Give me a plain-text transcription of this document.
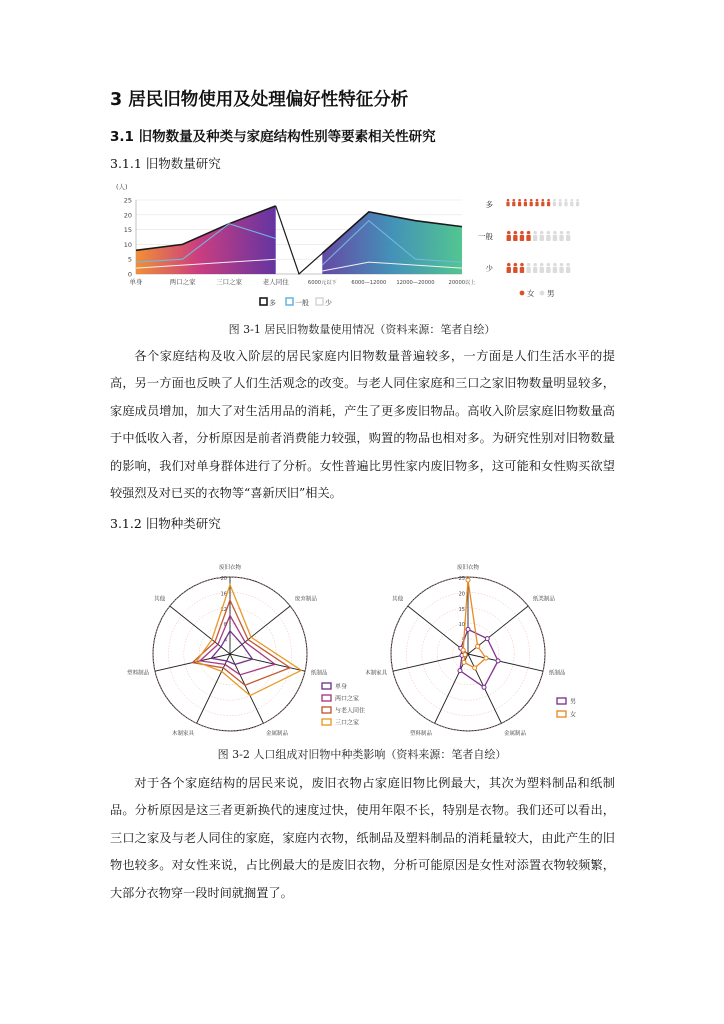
3 居民旧物使用及处理偏好性特征分析
3.1 旧物数量及种类与家庭结构性别等要素相关性研究
3.1.1 旧物数量研究
(人)
0
5
10
15
20
25
单身	两口之家	三口之家	老人同住	6000元以下	6000—12000 12000—20000	20000以上
多	一般 少
多
一般
少
女 男
图 3-1 居民旧物数量使用情况（资料来源：笔者自绘）

各个家庭结构及收入阶层的居民家庭内旧物数量普遍较多，一方面是人们生活水平的提高，另一方面也反映了人们生活观念的改变。与老人同住家庭和三口之家旧物数量明显较多，家庭成员增加，加大了对生活用品的消耗，产生了更多废旧物品。高收入阶层家庭旧物数量高于中低收入者，分析原因是前者消费能力较强，购置的物品也相对多。为研究性别对旧物数量的影响，我们对单身群体进行了分析。女性普遍比男性家内废旧物多，这可能和女性购买欲望较强烈及对已买的衣物等“喜新厌旧”相关。

3.1.2 旧物种类研究
4
8
12
16
20
废旧衣物
废弃制品
纸制品
金属制品
木制家具
塑料制品
其他
单身
两口之家
与老人同住
三口之家
5
10
15
20
25
废旧衣物
纸类制品
纸制品
金属制品
塑料制品
木制家具
其他
男
女
图 3-2 人口组成对旧物中种类影响（资料来源：笔者自绘）

对于各个家庭结构的居民来说，废旧衣物占家庭旧物比例最大，其次为塑料制品和纸制品。分析原因是这三者更新换代的速度过快，使用年限不长，特别是衣物。我们还可以看出，三口之家及与老人同住的家庭，家庭内衣物，纸制品及塑料制品的消耗量较大，由此产生的旧物也较多。对女性来说，占比例最大的是废旧衣物，分析可能原因是女性对添置衣物较频繁，大部分衣物穿一段时间就搁置了。
